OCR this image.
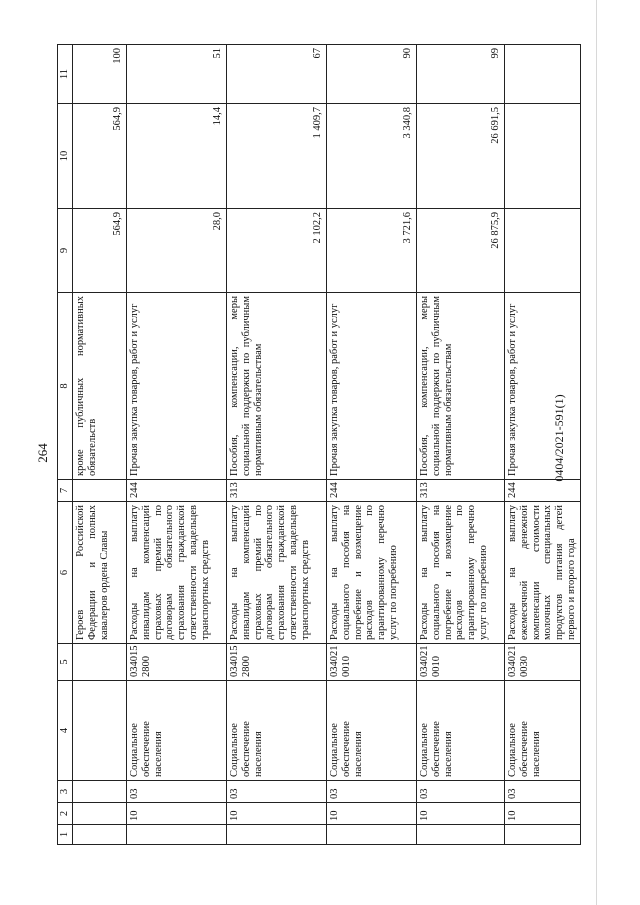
264	0404/2021-591(1)
1	2	3	4	5	6	7	8	9	10	11
					Героев Российской Федерации и полных кавалеров ордена Славы		кроме публичных нормативных обязательств	564,9	564,9	100
	10	03	Социальное обеспечение населения	034015 2800	Расходы на выплату инвалидам компенсаций страховых премий по договорам обязательного страхования гражданской ответственности владельцев транспортных средств	244	Прочая закупка товаров, работ и услуг	28,0	14,4	51
	10	03	Социальное обеспечение населения	034015 2800	Расходы на выплату инвалидам компенсаций страховых премий по договорам обязательного страхования гражданской ответственности владельцев транспортных средств	313	Пособия, компенсации, меры социальной поддержки по публичным нормативным обязательствам	2 102,2	1 409,7	67
	10	03	Социальное обеспечение населения	034021 0010	Расходы на выплату социального пособия на погребение и возмещение расходов по гарантированному перечню услуг по погребению	244	Прочая закупка товаров, работ и услуг	3 721,6	3 340,8	90
	10	03	Социальное обеспечение населения	034021 0010	Расходы на выплату социального пособия на погребение и возмещение расходов по гарантированному перечню услуг по погребению	313	Пособия, компенсации, меры социальной поддержки по публичным нормативным обязательствам	26 875,9	26 691,5	99
	10	03	Социальное обеспечение населения	034021 0030	Расходы на выплату ежемесячной денежной компенсации стоимости молочных специальных продуктов питания детей первого и второго года	244	Прочая закупка товаров, работ и услуг			
